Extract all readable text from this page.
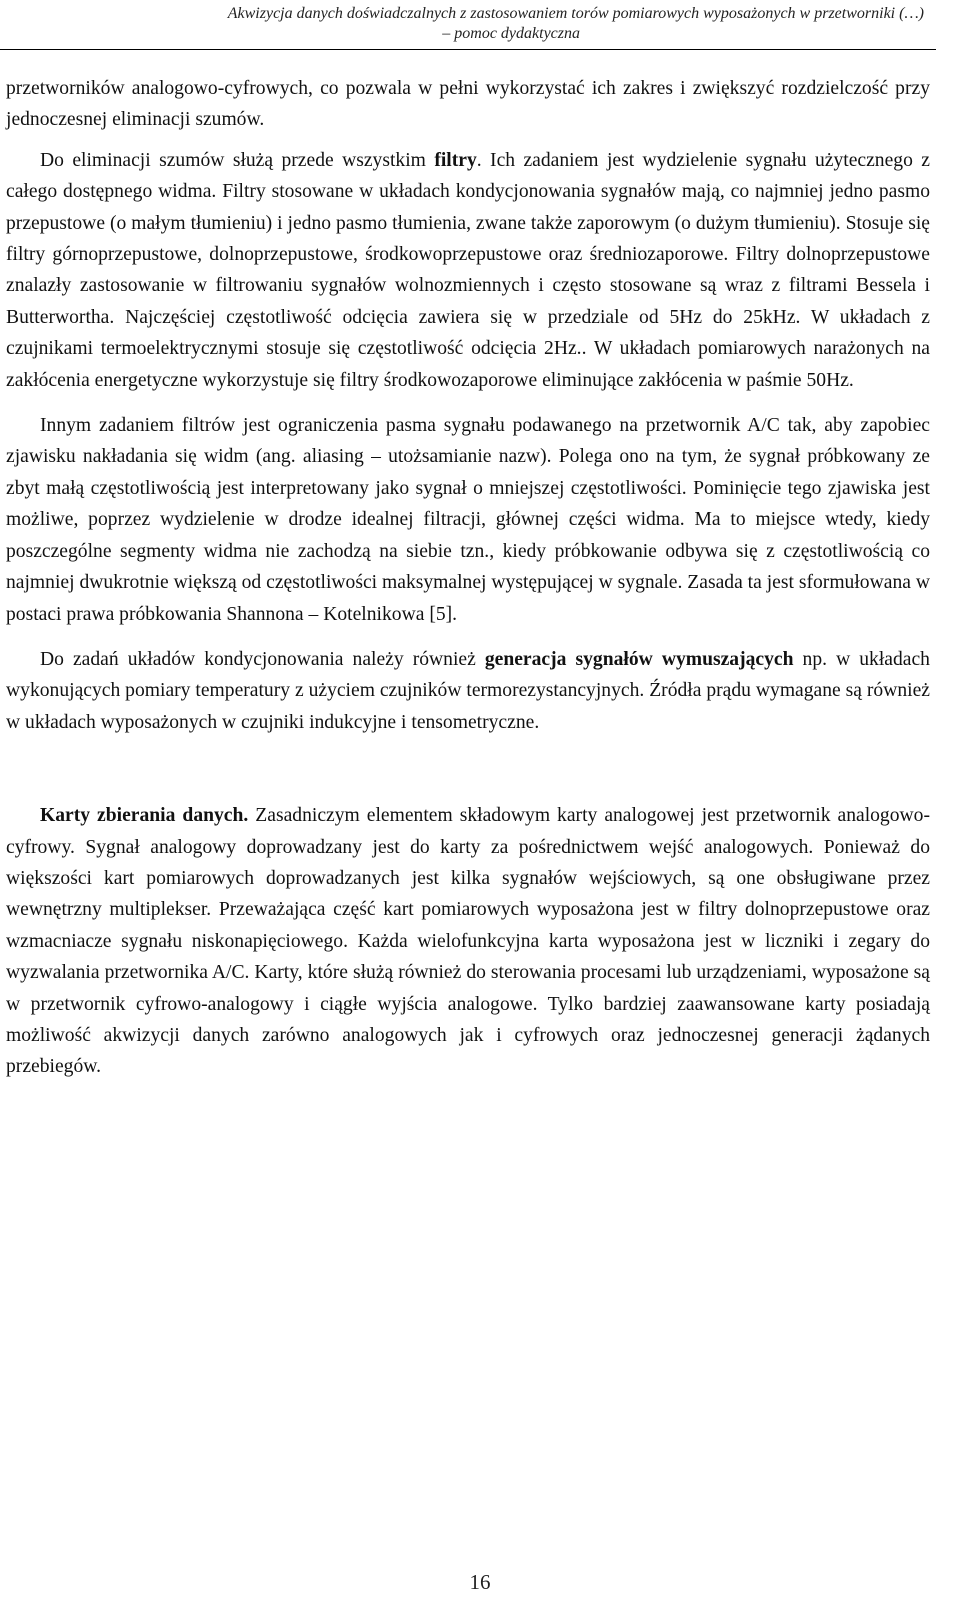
Akwizycja danych doświadczalnych z zastosowaniem torów pomiarowych wyposażonych w przetworniki (…)
– pomoc dydaktyczna

przetworników analogowo-cyfrowych, co pozwala w pełni wykorzystać ich zakres i zwiększyć rozdzielczość przy jednoczesnej eliminacji szumów.

Do eliminacji szumów służą przede wszystkim filtry. Ich zadaniem jest wydzielenie sygnału użytecznego z całego dostępnego widma. Filtry stosowane w układach kondycjonowania sygnałów mają, co najmniej jedno pasmo przepustowe (o małym tłumieniu) i jedno pasmo tłumienia, zwane także zaporowym (o dużym tłumieniu). Stosuje się filtry górnoprzepustowe, dolnoprzepustowe, środkowoprzepustowe oraz średniozaporowe. Filtry dolnoprzepustowe znalazły zastosowanie w filtrowaniu sygnałów wolnozmiennych i często stosowane są wraz z filtrami Bessela i Butterwortha. Najczęściej częstotliwość odcięcia zawiera się w przedziale od 5Hz do 25kHz. W układach z czujnikami termoelektrycznymi stosuje się częstotliwość odcięcia 2Hz.. W układach pomiarowych narażonych na zakłócenia energetyczne wykorzystuje się filtry środkowozaporowe eliminujące zakłócenia w paśmie 50Hz.

Innym zadaniem filtrów jest ograniczenia pasma sygnału podawanego na przetwornik A/C tak, aby zapobiec zjawisku nakładania się widm (ang. aliasing – utożsamianie nazw). Polega ono na tym, że sygnał próbkowany ze zbyt małą częstotliwością jest interpretowany jako sygnał o mniejszej częstotliwości. Pominięcie tego zjawiska jest możliwe, poprzez wydzielenie w drodze idealnej filtracji, głównej części widma. Ma to miejsce wtedy, kiedy poszczególne segmenty widma nie zachodzą na siebie tzn., kiedy próbkowanie odbywa się z częstotliwością co najmniej dwukrotnie większą od częstotliwości maksymalnej występującej w sygnale. Zasada ta jest sformułowana w postaci prawa próbkowania Shannona – Kotelnikowa [5].

Do zadań układów kondycjonowania należy również generacja sygnałów wymuszających np. w układach wykonujących pomiary temperatury z użyciem czujników termorezystancyjnych. Źródła prądu wymagane są również w układach wyposażonych w czujniki indukcyjne i tensometryczne.

Karty zbierania danych. Zasadniczym elementem składowym karty analogowej jest przetwornik analogowo-cyfrowy. Sygnał analogowy doprowadzany jest do karty za pośrednictwem wejść analogowych. Ponieważ do większości kart pomiarowych doprowadzanych jest kilka sygnałów wejściowych, są one obsługiwane przez wewnętrzny multiplekser. Przeważająca część kart pomiarowych wyposażona jest w filtry dolnoprzepustowe oraz wzmacniacze sygnału niskonapięciowego. Każda wielofunkcyjna karta wyposażona jest w liczniki i zegary do wyzwalania przetwornika A/C. Karty, które służą również do sterowania procesami lub urządzeniami, wyposażone są w przetwornik cyfrowo-analogowy i ciągłe wyjścia analogowe. Tylko bardziej zaawansowane karty posiadają możliwość akwizycji danych zarówno analogowych jak i cyfrowych oraz jednoczesnej generacji żądanych przebiegów.

16
